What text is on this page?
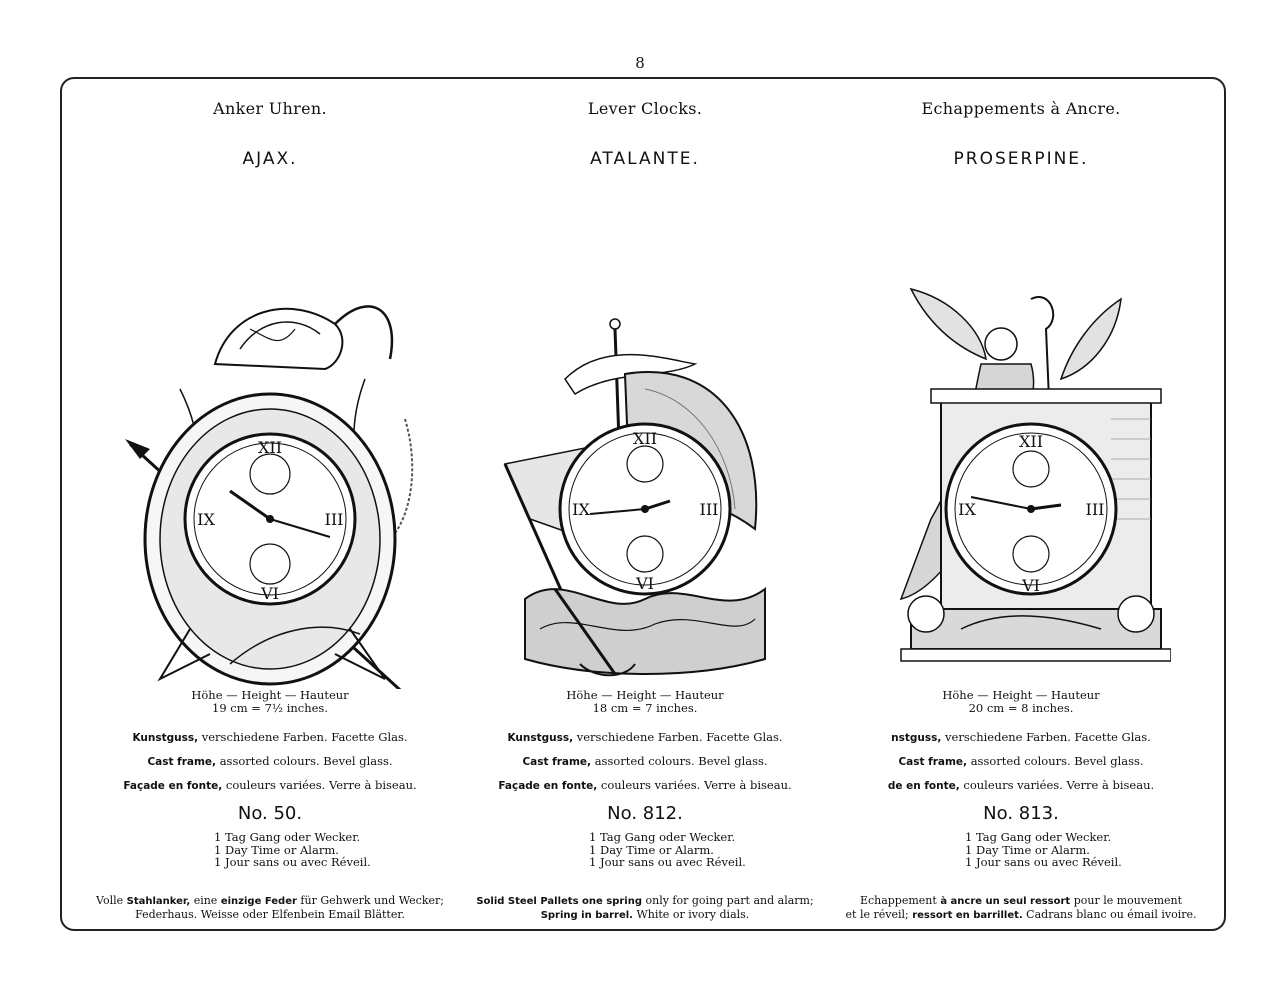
8
Anker Uhren.
AJAX.
XII
III
VI
IX
Höhe — Height — Hauteur
19 cm = 7½ inches.
Kunstguss, verschiedene Farben. Facette Glas.
Cast frame, assorted colours. Bevel glass.
Façade en fonte, couleurs variées. Verre à biseau.
No. 50.
1 Tag Gang oder Wecker.
1 Day Time or Alarm.
1 Jour sans ou avec Réveil.
Volle Stahlanker, eine einzige Feder für Gehwerk und Wecker;
Federhaus. Weisse oder Elfenbein Email Blätter.
Lever Clocks.
ATALANTE.
XII
III
VI
IX
Höhe — Height — Hauteur
18 cm = 7 inches.
Kunstguss, verschiedene Farben. Facette Glas.
Cast frame, assorted colours. Bevel glass.
Façade en fonte, couleurs variées. Verre à biseau.
No. 812.
1 Tag Gang oder Wecker.
1 Day Time or Alarm.
1 Jour sans ou avec Réveil.
Solid Steel Pallets one spring only for going part and alarm;
Spring in barrel. White or ivory dials.
Echappements à Ancre.
PROSERPINE.
XII
III
VI
IX
Höhe — Height — Hauteur
20 cm = 8 inches.
nstguss, verschiedene Farben. Facette Glas.
Cast frame, assorted colours. Bevel glass.
de en fonte, couleurs variées. Verre à biseau.
No. 813.
1 Tag Gang oder Wecker.
1 Day Time or Alarm.
1 Jour sans ou avec Réveil.
Echappement à ancre un seul ressort pour le mouvement
et le réveil; ressort en barrillet. Cadrans blanc ou émail ivoire.
